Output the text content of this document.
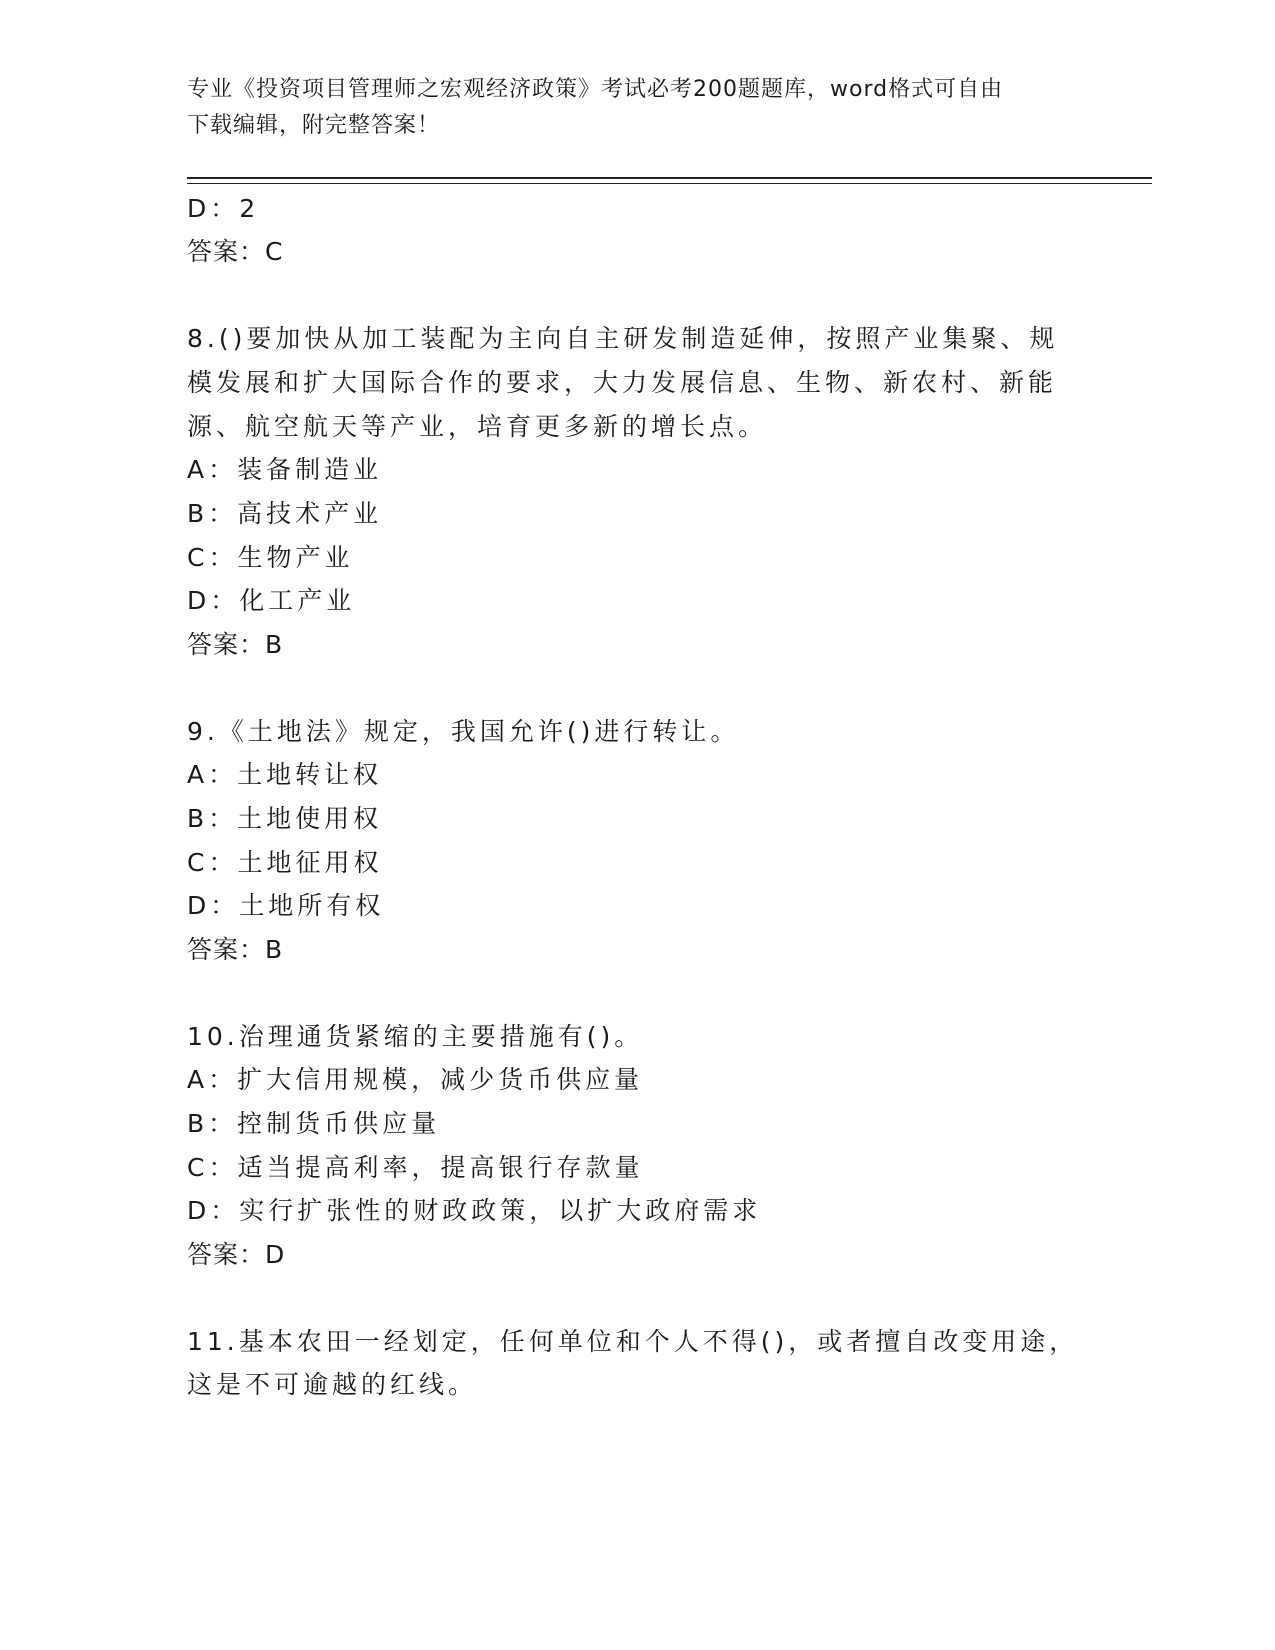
专业《投资项目管理师之宏观经济政策》考试必考200题题库，word格式可自由
下载编辑，附完整答案！
D：2
答案：C
8.()要加快从加工装配为主向自主研发制造延伸，按照产业集聚、规
模发展和扩大国际合作的要求，大力发展信息、生物、新农村、新能
源、航空航天等产业，培育更多新的增长点。
A：装备制造业
B：高技术产业
C：生物产业
D：化工产业
答案：B
9.《土地法》规定，我国允许()进行转让。
A：土地转让权
B：土地使用权
C：土地征用权
D：土地所有权
答案：B
10.治理通货紧缩的主要措施有()。
A：扩大信用规模，减少货币供应量
B：控制货币供应量
C：适当提高利率，提高银行存款量
D：实行扩张性的财政政策，以扩大政府需求
答案：D
11.基本农田一经划定，任何单位和个人不得()，或者擅自改变用途，
这是不可逾越的红线。
